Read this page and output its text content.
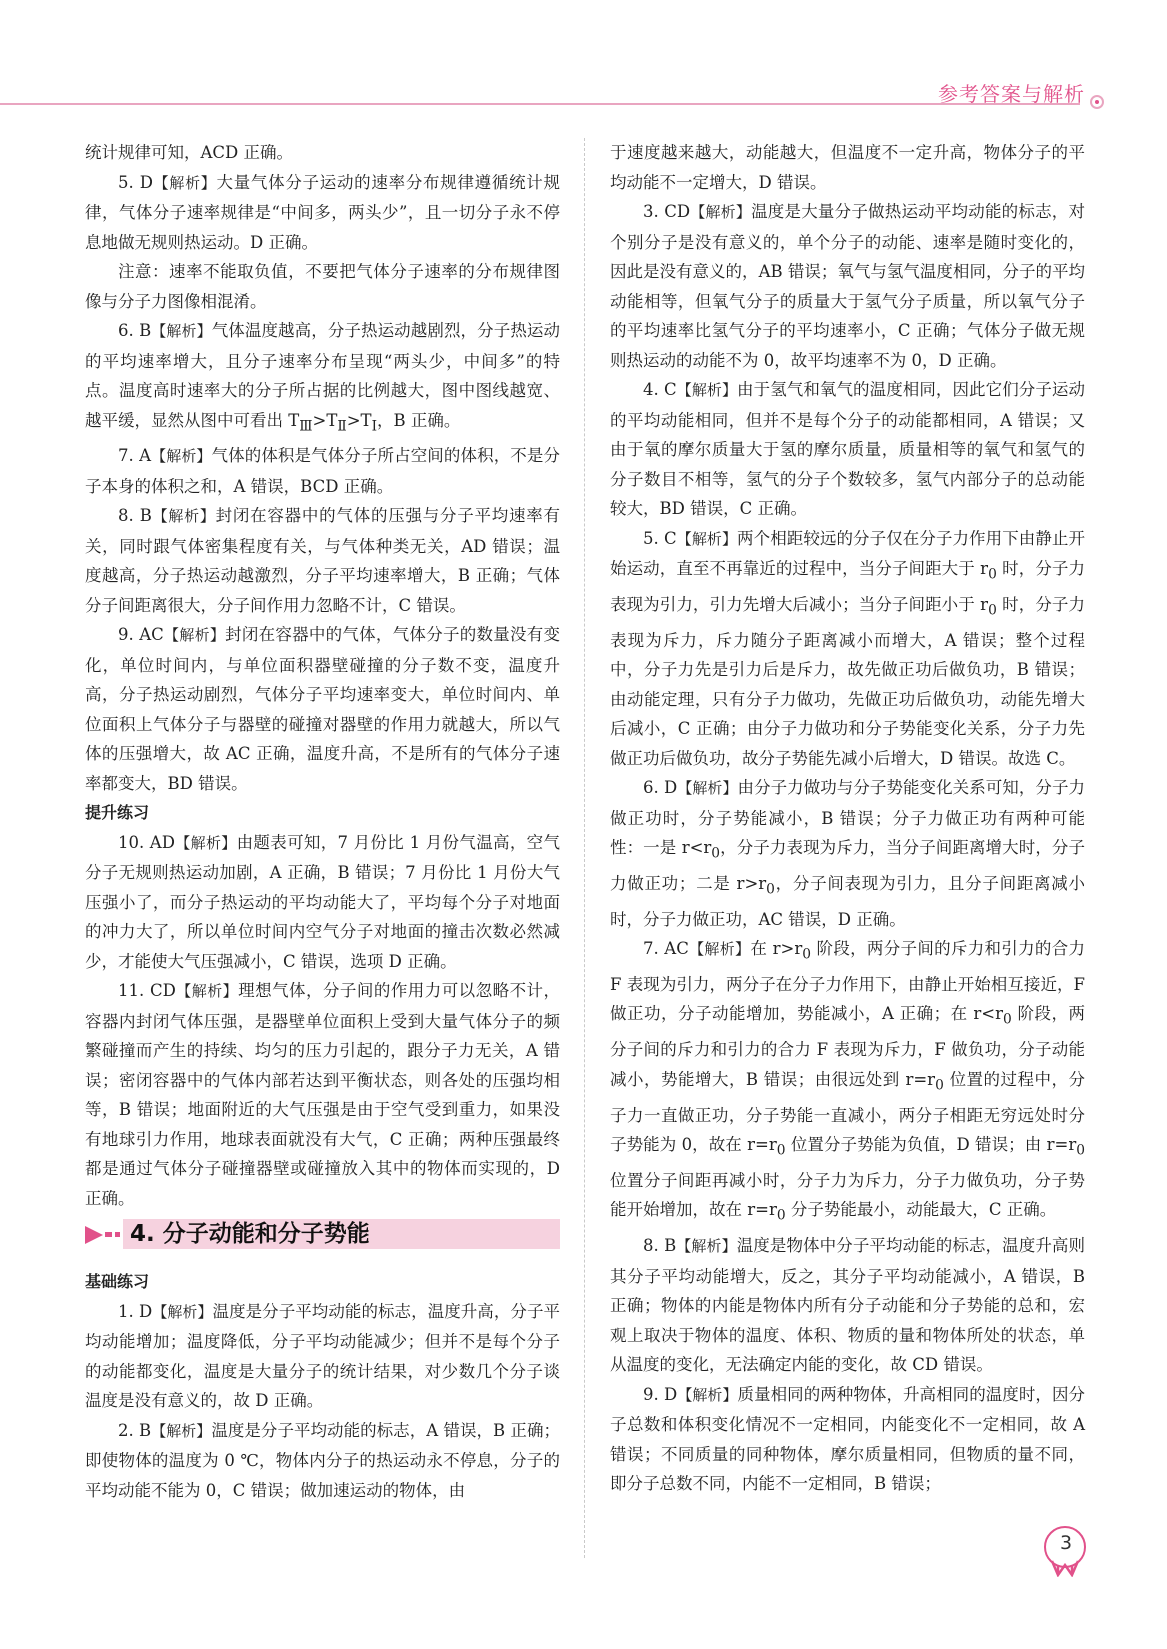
参考答案与解析

统计规律可知，ACD 正确。

5. D【解析】大量气体分子运动的速率分布规律遵循统计规律，气体分子速率规律是“中间多，两头少”，且一切分子永不停息地做无规则热运动。D 正确。

注意：速率不能取负值，不要把气体分子速率的分布规律图像与分子力图像相混淆。

6. B【解析】气体温度越高，分子热运动越剧烈，分子热运动的平均速率增大，且分子速率分布呈现“两头少，中间多”的特点。温度高时速率大的分子所占据的比例越大，图中图线越宽、越平缓，显然从图中可看出 $T_Ⅲ>T_Ⅱ>T_Ⅰ$，B 正确。

7. A【解析】气体的体积是气体分子所占空间的体积，不是分子本身的体积之和，A 错误，BCD 正确。

8. B【解析】封闭在容器中的气体的压强与分子平均速率有关，同时跟气体密集程度有关，与气体种类无关，AD 错误；温度越高，分子热运动越激烈，分子平均速率增大，B 正确；气体分子间距离很大，分子间作用力忽略不计，C 错误。

9. AC【解析】封闭在容器中的气体，气体分子的数量没有变化，单位时间内，与单位面积器壁碰撞的分子数不变，温度升高，分子热运动剧烈，气体分子平均速率变大，单位时间内、单位面积上气体分子与器壁的碰撞对器壁的作用力就越大，所以气体的压强增大，故 AC 正确，温度升高，不是所有的气体分子速率都变大，BD 错误。

提升练习

10. AD【解析】由题表可知，7 月份比 1 月份气温高，空气分子无规则热运动加剧，A 正确，B 错误；7 月份比 1 月份大气压强小了，而分子热运动的平均动能大了，平均每个分子对地面的冲力大了，所以单位时间内空气分子对地面的撞击次数必然减少，才能使大气压强减小，C 错误，选项 D 正确。

11. CD【解析】理想气体，分子间的作用力可以忽略不计，容器内封闭气体压强，是器壁单位面积上受到大量气体分子的频繁碰撞而产生的持续、均匀的压力引起的，跟分子力无关，A 错误；密闭容器中的气体内部若达到平衡状态，则各处的压强均相等，B 错误；地面附近的大气压强是由于空气受到重力，如果没有地球引力作用，地球表面就没有大气，C 正确；两种压强最终都是通过气体分子碰撞器壁或碰撞放入其中的物体而实现的，D 正确。

4. 分子动能和分子势能

基础练习

1. D【解析】温度是分子平均动能的标志，温度升高，分子平均动能增加；温度降低，分子平均动能减少；但并不是每个分子的动能都变化，温度是大量分子的统计结果，对少数几个分子谈温度是没有意义的，故 D 正确。

2. B【解析】温度是分子平均动能的标志，A 错误，B 正确；即使物体的温度为 0 ℃，物体内分子的热运动永不停息，分子的平均动能不能为 0，C 错误；做加速运动的物体，由

于速度越来越大，动能越大，但温度不一定升高，物体分子的平均动能不一定增大，D 错误。

3. CD【解析】温度是大量分子做热运动平均动能的标志，对个别分子是没有意义的，单个分子的动能、速率是随时变化的，因此是没有意义的，AB 错误；氧气与氢气温度相同，分子的平均动能相等，但氧气分子的质量大于氢气分子质量，所以氧气分子的平均速率比氢气分子的平均速率小，C 正确；气体分子做无规则热运动的动能不为 0，故平均速率不为 0，D 正确。

4. C【解析】由于氢气和氧气的温度相同，因此它们分子运动的平均动能相同，但并不是每个分子的动能都相同，A 错误；又由于氧的摩尔质量大于氢的摩尔质量，质量相等的氧气和氢气的分子数目不相等，氢气的分子个数较多，氢气内部分子的总动能较大，BD 错误，C 正确。

5. C【解析】两个相距较远的分子仅在分子力作用下由静止开始运动，直至不再靠近的过程中，当分子间距大于 $r_0$ 时，分子力表现为引力，引力先增大后减小；当分子间距小于 $r_0$ 时，分子力表现为斥力，斥力随分子距离减小而增大，A 错误；整个过程中，分子力先是引力后是斥力，故先做正功后做负功，B 错误；由动能定理，只有分子力做功，先做正功后做负功，动能先增大后减小，C 正确；由分子力做功和分子势能变化关系，分子力先做正功后做负功，故分子势能先减小后增大，D 错误。故选 C。

6. D【解析】由分子力做功与分子势能变化关系可知，分子力做正功时，分子势能减小，B 错误；分子力做正功有两种可能性：一是 $r<r_0$，分子力表现为斥力，当分子间距离增大时，分子力做正功；二是 $r>r_0$，分子间表现为引力，且分子间距离减小时，分子力做正功，AC 错误，D 正确。

7. AC【解析】在 $r>r_0$ 阶段，两分子间的斥力和引力的合力 F 表现为引力，两分子在分子力作用下，由静止开始相互接近，F 做正功，分子动能增加，势能减小，A 正确；在 $r<r_0$ 阶段，两分子间的斥力和引力的合力 F 表现为斥力，F 做负功，分子动能减小，势能增大，B 错误；由很远处到 $r=r_0$ 位置的过程中，分子力一直做正功，分子势能一直减小，两分子相距无穷远处时分子势能为 0，故在 $r=r_0$ 位置分子势能为负值，D 错误；由 $r=r_0$ 位置分子间距再减小时，分子力为斥力，分子力做负功，分子势能开始增加，故在 $r=r_0$ 分子势能最小，动能最大，C 正确。

8. B【解析】温度是物体中分子平均动能的标志，温度升高则其分子平均动能增大，反之，其分子平均动能减小，A 错误，B 正确；物体的内能是物体内所有分子动能和分子势能的总和，宏观上取决于物体的温度、体积、物质的量和物体所处的状态，单从温度的变化，无法确定内能的变化，故 CD 错误。

9. D【解析】质量相同的两种物体，升高相同的温度时，因分子总数和体积变化情况不一定相同，内能变化不一定相同，故 A 错误；不同质量的同种物体，摩尔质量相同，但物质的量不同，即分子总数不同，内能不一定相同，B 错误；

3
